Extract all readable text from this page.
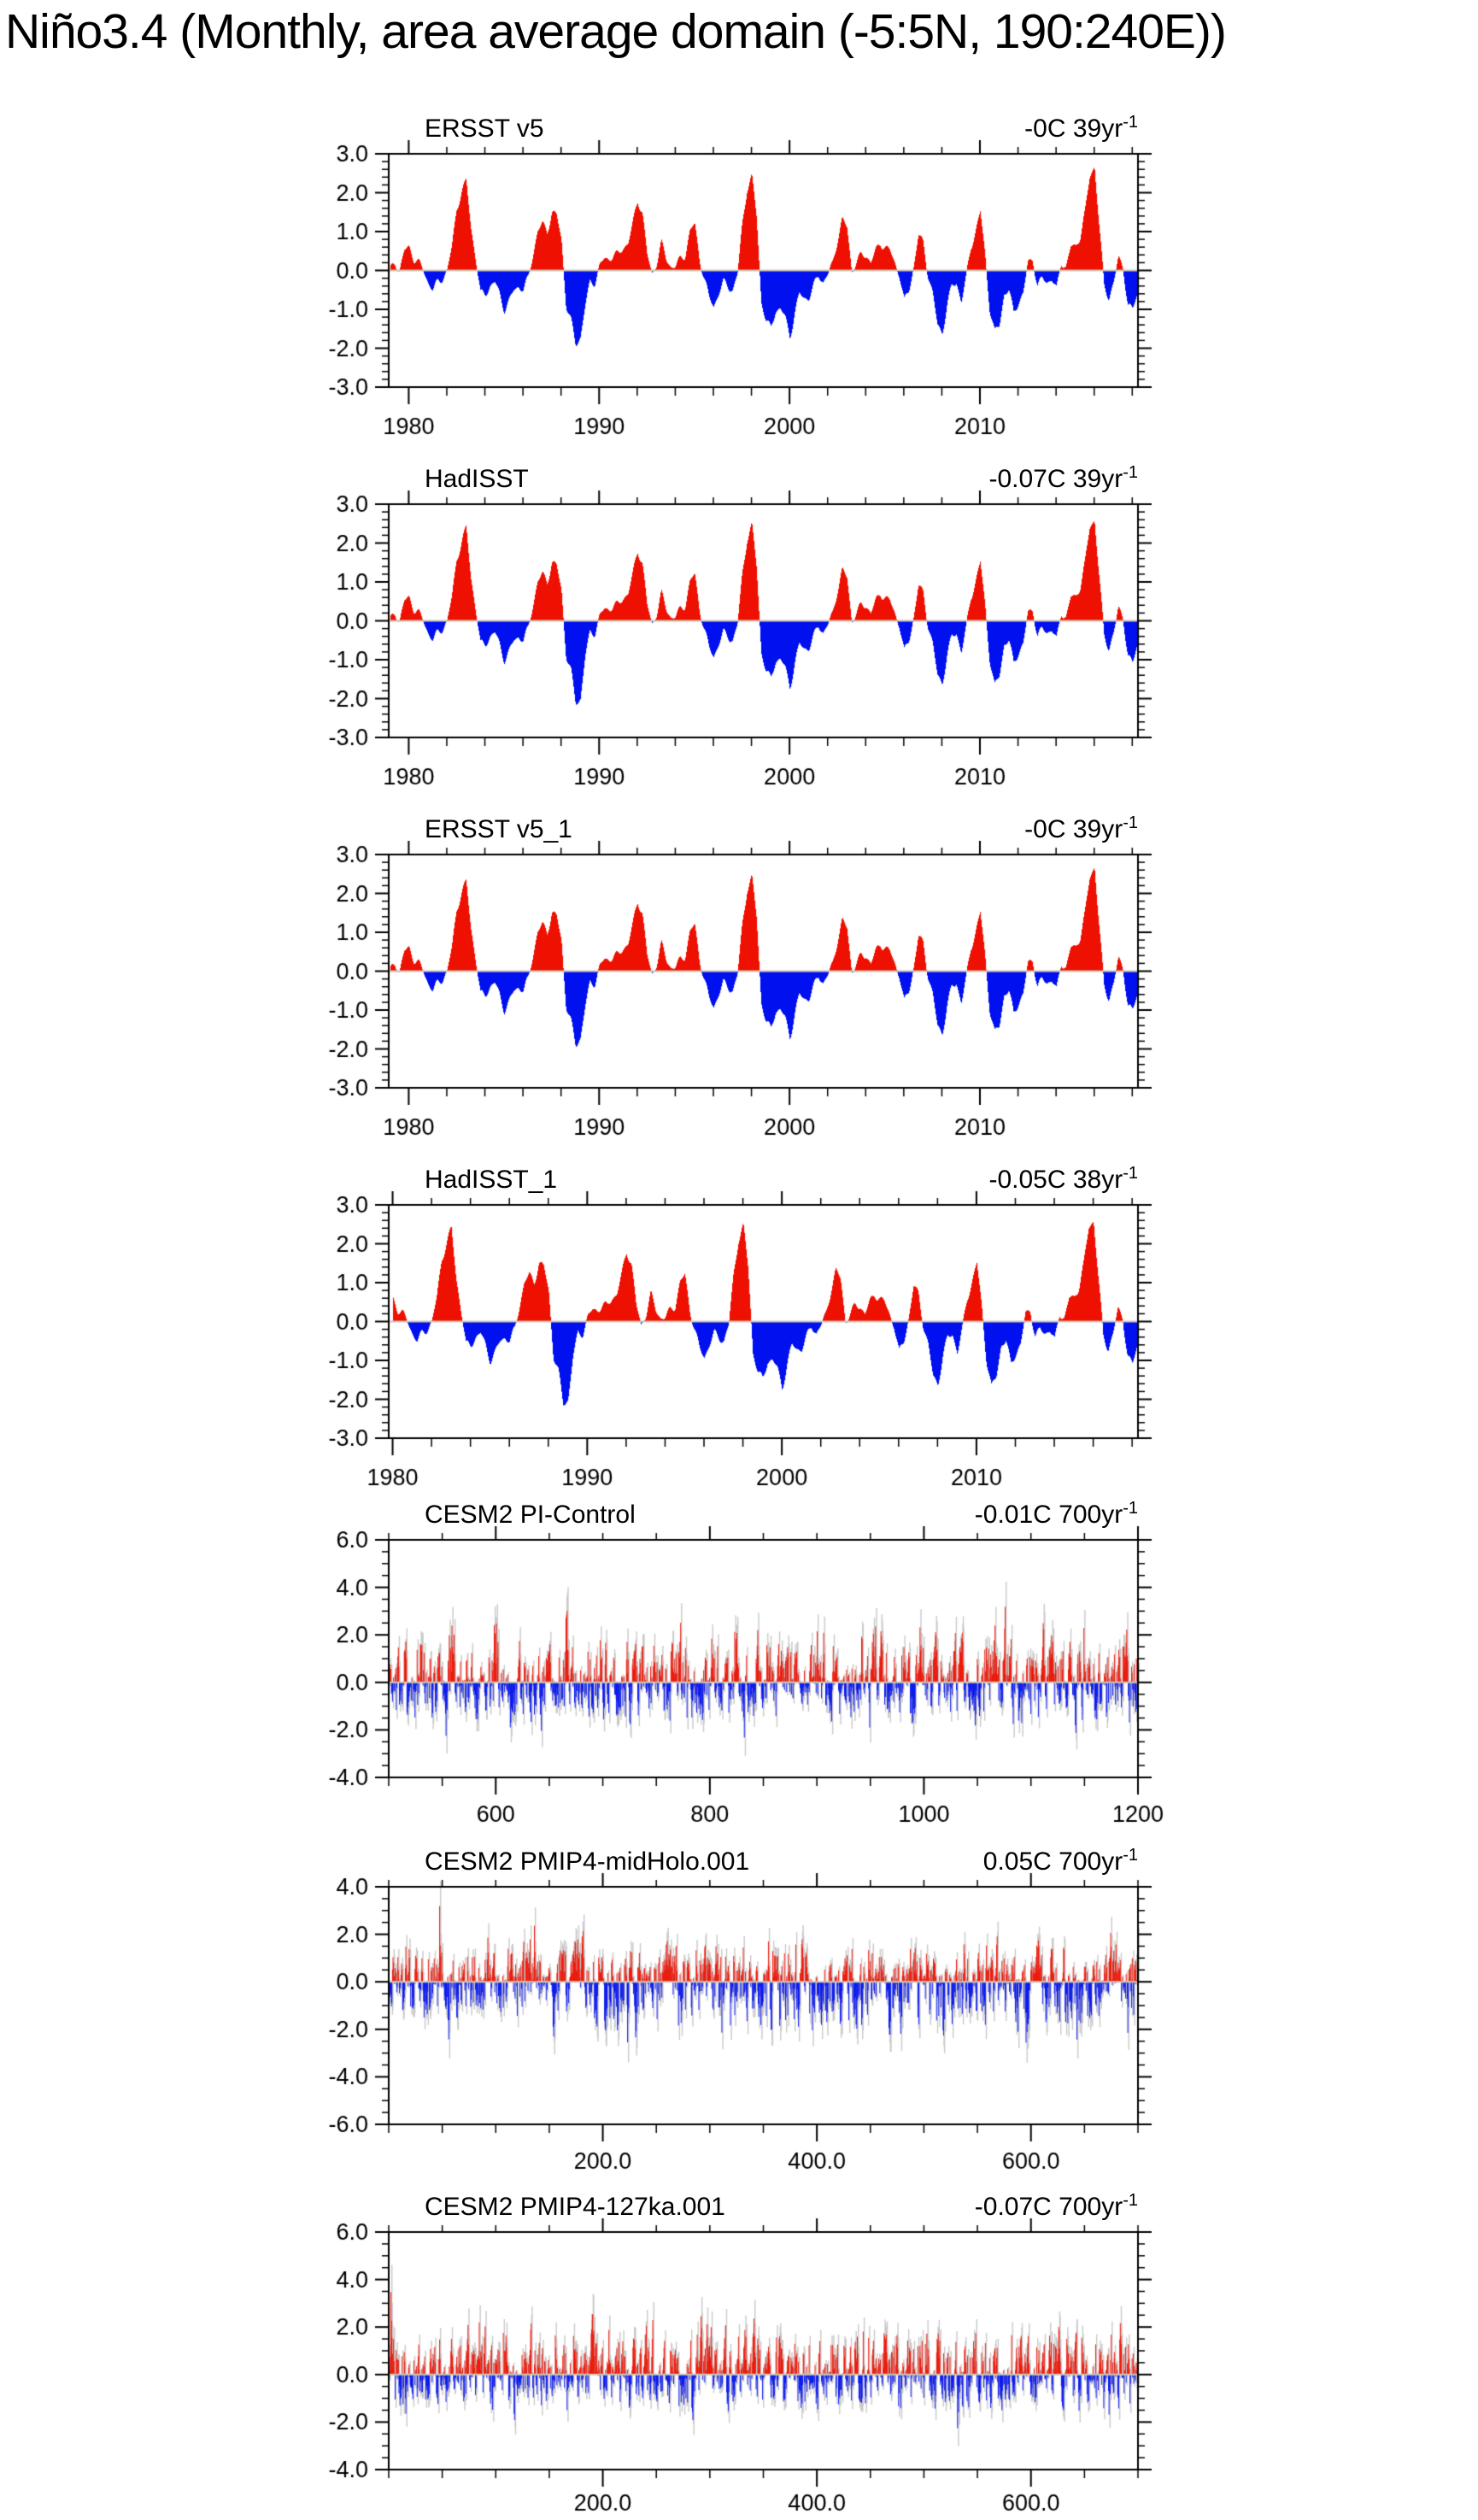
Niño3.4 (Monthly, area average domain (-5:5N, 190:240E))
ERSST v5	-0C $39yr^{-1}$
HadISST	-0.07C $39yr^{-1}$
ERSST v5_1	-0C $39yr^{-1}$
HadISST_1	-0.05C $38yr^{-1}$
CESM2 PI-Control	-0.01C $700yr^{-1}$
CESM2 PMIP4-midHolo.001	0.05C $700yr^{-1}$
CESM2 PMIP4-127ka.001	-0.07C $700yr^{-1}$
